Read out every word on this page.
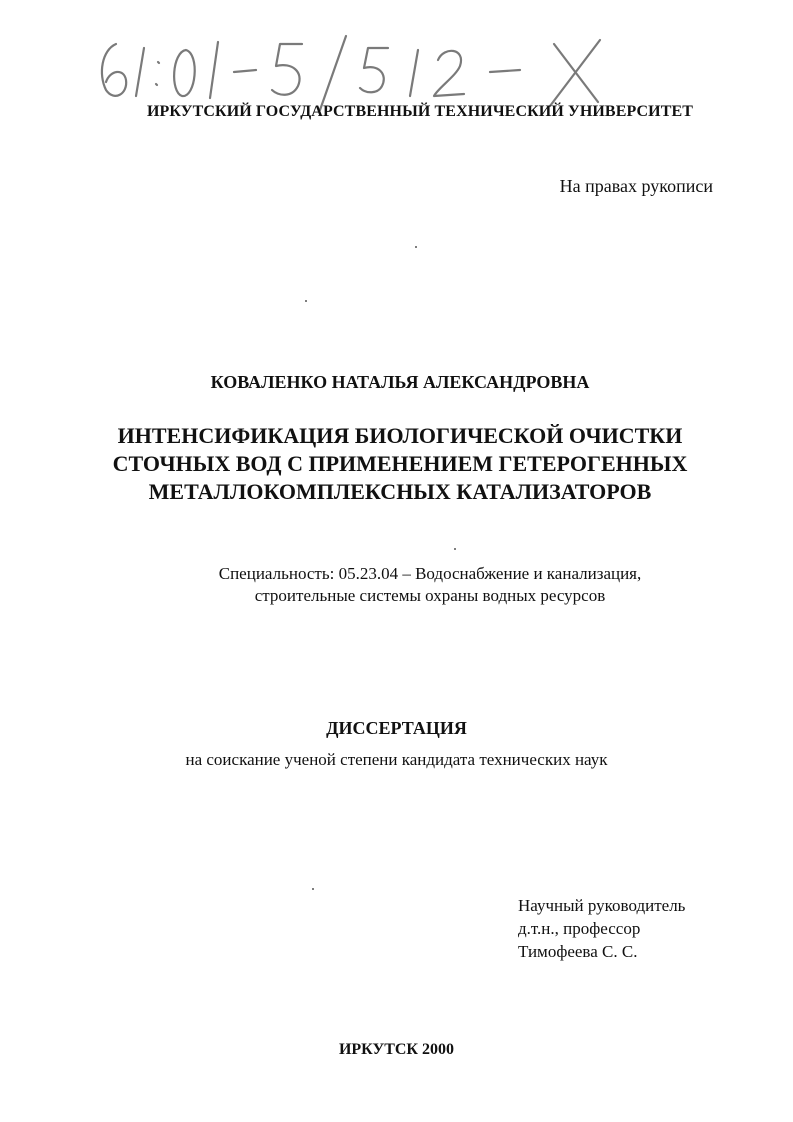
ИРКУТСКИЙ ГОСУДАРСТВЕННЫЙ ТЕХНИЧЕСКИЙ УНИВЕРСИТЕТ

На правах рукописи

КОВАЛЕНКО НАТАЛЬЯ АЛЕКСАНДРОВНА

ИНТЕНСИФИКАЦИЯ БИОЛОГИЧЕСКОЙ ОЧИСТКИ
СТОЧНЫХ ВОД С ПРИМЕНЕНИЕМ ГЕТЕРОГЕННЫХ
МЕТАЛЛОКОМПЛЕКСНЫХ КАТАЛИЗАТОРОВ

Специальность: 05.23.04 – Водоснабжение и канализация,
строительные системы охраны водных ресурсов

ДИССЕРТАЦИЯ

на соискание ученой степени кандидата технических наук

Научный руководитель
д.т.н., профессор
Тимофеева С. С.

ИРКУТСК 2000
